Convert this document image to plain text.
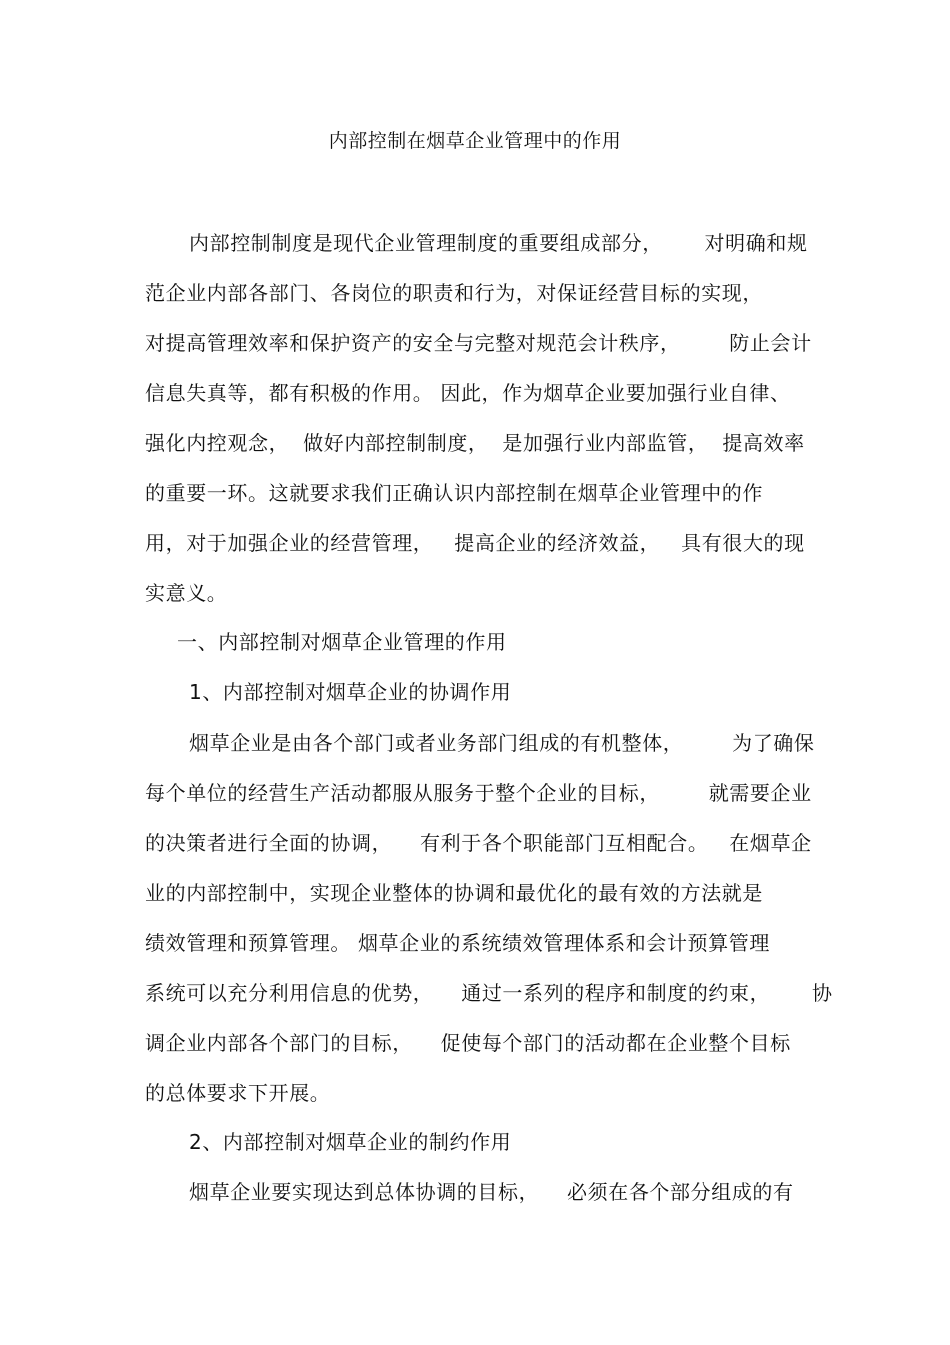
内部控制在烟草企业管理中的作用
内部控制制度是现代企业管理制度的重要组成部分，      对明确和规
范企业内部各部门、各岗位的职责和行为，对保证经营目标的实现，
对提高管理效率和保护资产的安全与完整对规范会计秩序，       防止会计
信息失真等，都有积极的作用。 因此，作为烟草企业要加强行业自律、
强化内控观念，  做好内部控制制度，  是加强行业内部监管，  提高效率
的重要一环。这就要求我们正确认识内部控制在烟草企业管理中的作
用，对于加强企业的经营管理，   提高企业的经济效益，   具有很大的现
实意义。
一、内部控制对烟草企业管理的作用
1、内部控制对烟草企业的协调作用
烟草企业是由各个部门或者业务部门组成的有机整体，       为了确保
每个单位的经营生产活动都服从服务于整个企业的目标，       就需要企业
的决策者进行全面的协调，    有利于各个职能部门互相配合。   在烟草企
业的内部控制中，实现企业整体的协调和最优化的最有效的方法就是
绩效管理和预算管理。 烟草企业的系统绩效管理体系和会计预算管理
系统可以充分利用信息的优势，    通过一系列的程序和制度的约束，      协
调企业内部各个部门的目标，    促使每个部门的活动都在企业整个目标
的总体要求下开展。
2、内部控制对烟草企业的制约作用
烟草企业要实现达到总体协调的目标，    必须在各个部分组成的有
